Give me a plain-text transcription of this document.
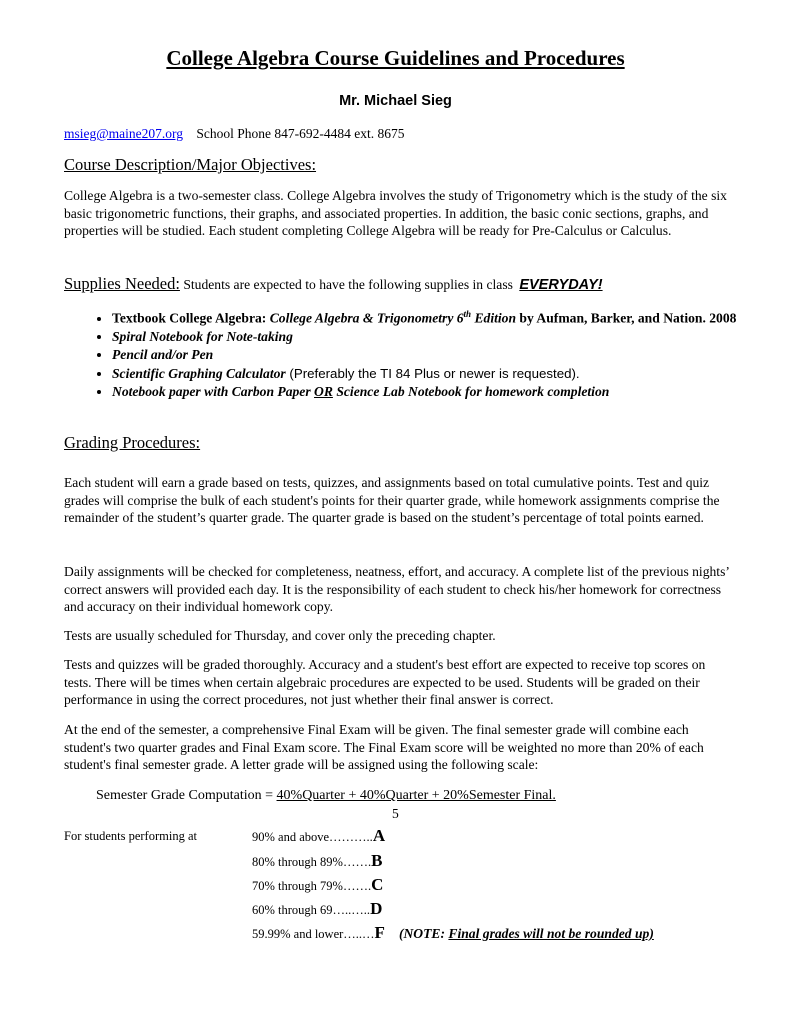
College Algebra Course Guidelines and Procedures
Mr. Michael Sieg
msieg@maine207.org School Phone 847-692-4484 ext. 8675
Course Description/Major Objectives:

College Algebra is a two-semester class. College Algebra involves the study of Trigonometry which is the study of the six basic trigonometric functions, their graphs, and associated properties. In addition, the basic conic sections, graphs, and properties will be studied. Each student completing College Algebra will be ready for Pre-Calculus or Calculus.

Supplies Needed: Students are expected to have the following supplies in class EVERYDAY!
• Textbook College Algebra: College Algebra & Trigonometry 6th Edition by Aufman, Barker, and Nation. 2008
• Spiral Notebook for Note-taking
• Pencil and/or Pen
• Scientific Graphing Calculator (Preferably the TI 84 Plus or newer is requested).
• Notebook paper with Carbon Paper OR Science Lab Notebook for homework completion
Grading Procedures:

Each student will earn a grade based on tests, quizzes, and assignments based on total cumulative points. Test and quiz grades will comprise the bulk of each student's points for their quarter grade, while homework assignments comprise the remainder of the student’s quarter grade. The quarter grade is based on the student’s percentage of total points earned.

Daily assignments will be checked for completeness, neatness, effort, and accuracy. A complete list of the previous nights’ correct answers will provided each day. It is the responsibility of each student to check his/her homework for correctness and accuracy on their individual homework copy.

Tests are usually scheduled for Thursday, and cover only the preceding chapter.

Tests and quizzes will be graded thoroughly. Accuracy and a student's best effort are expected to receive top scores on tests. There will be times when certain algebraic procedures are expected to be used. Students will be graded on their performance in using the correct procedures, not just whether their final answer is correct.

At the end of the semester, a comprehensive Final Exam will be given. The final semester grade will combine each student's two quarter grades and Final Exam score. The Final Exam score will be weighted no more than 20% of each student's final semester grade. A letter grade will be assigned using the following scale:

Semester Grade Computation = 40%Quarter + 40%Quarter + 20%Semester Final.
5
For students performing at	90% and above………..A
80% through 89%…….B
70% through 79%…….C
60% through 69…..…..D
59.99% and lower…..…F (NOTE: Final grades will not be rounded up)
